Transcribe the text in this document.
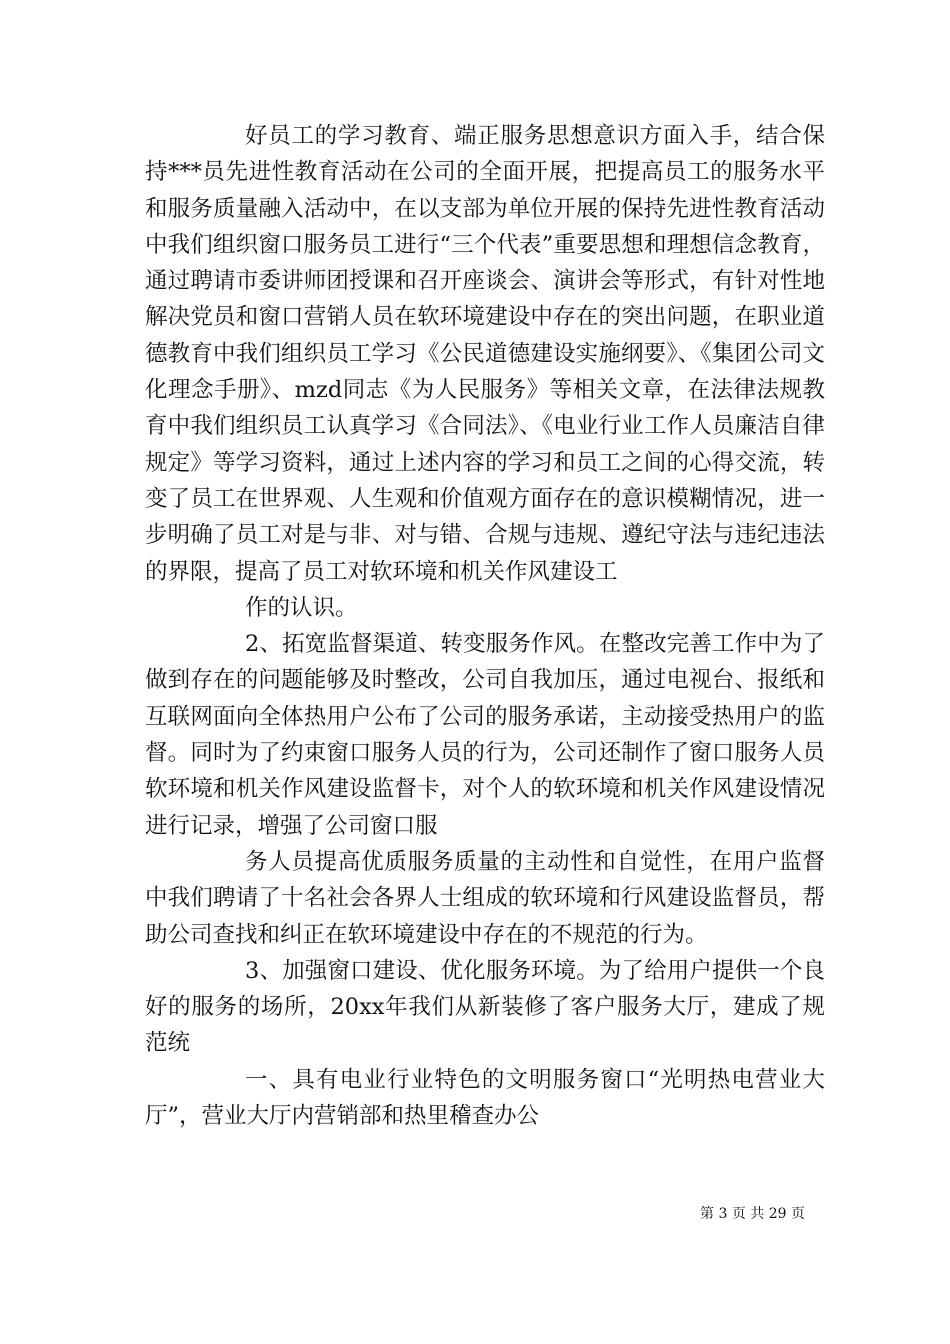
好员工的学习教育、端正服务思想意识方面入手，结合保持***员先进性教育活动在公司的全面开展，把提高员工的服务水平和服务质量融入活动中，在以支部为单位开展的保持先进性教育活动中我们组织窗口服务员工进行“三个代表”重要思想和理想信念教育，通过聘请市委讲师团授课和召开座谈会、演讲会等形式，有针对性地解决党员和窗口营销人员在软环境建设中存在的突出问题，在职业道德教育中我们组织员工学习《公民道德建设实施纲要》、《集团公司文化理念手册》、mzd同志《为人民服务》等相关文章，在法律法规教育中我们组织员工认真学习《合同法》、《电业行业工作人员廉洁自律规定》等学习资料，通过上述内容的学习和员工之间的心得交流，转变了员工在世界观、人生观和价值观方面存在的意识模糊情况，进一步明确了员工对是与非、对与错、合规与违规、遵纪守法与违纪违法的界限，提高了员工对软环境和机关作风建设工

作的认识。

2、拓宽监督渠道、转变服务作风。在整改完善工作中为了做到存在的问题能够及时整改，公司自我加压，通过电视台、报纸和互联网面向全体热用户公布了公司的服务承诺，主动接受热用户的监督。同时为了约束窗口服务人员的行为，公司还制作了窗口服务人员软环境和机关作风建设监督卡，对个人的软环境和机关作风建设情况进行记录，增强了公司窗口服

务人员提高优质服务质量的主动性和自觉性，在用户监督中我们聘请了十名社会各界人士组成的软环境和行风建设监督员，帮助公司查找和纠正在软环境建设中存在的不规范的行为。

3、加强窗口建设、优化服务环境。为了给用户提供一个良好的服务的场所，20xx年我们从新装修了客户服务大厅，建成了规范统

一、具有电业行业特色的文明服务窗口“光明热电营业大厅”，营业大厅内营销部和热里稽查办公

第 3 页 共 29 页
